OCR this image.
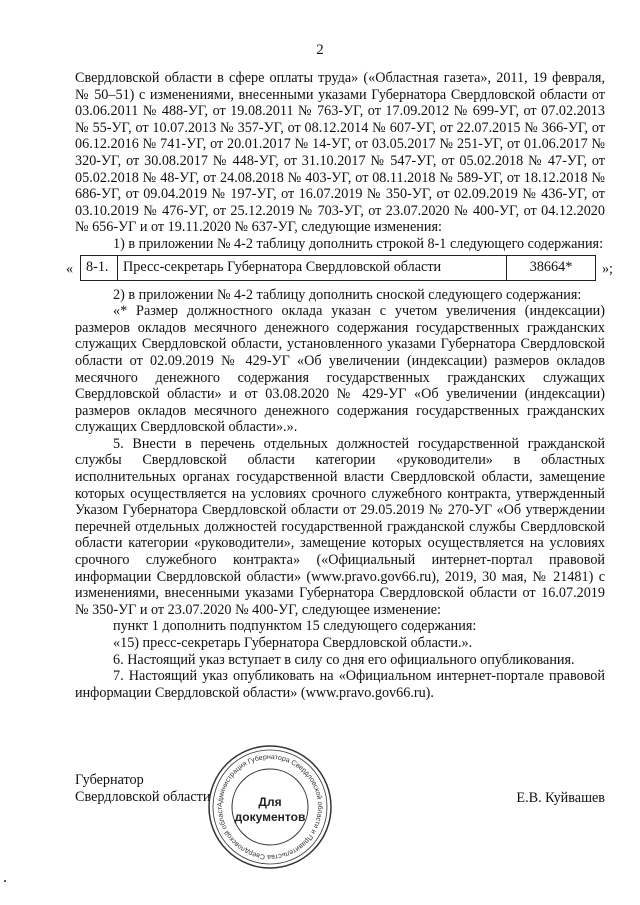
2

Свердловской области в сфере оплаты труда» («Областная газета», 2011, 19 февраля, № 50–51) с изменениями, внесенными указами Губернатора Свердловской области от 03.06.2011 № 488-УГ, от 19.08.2011 № 763-УГ, от 17.09.2012 № 699-УГ, от 07.02.2013 № 55-УГ, от 10.07.2013 № 357-УГ, от 08.12.2014 № 607-УГ, от 22.07.2015 № 366-УГ, от 06.12.2016 № 741-УГ, от 20.01.2017 № 14-УГ, от 03.05.2017 № 251-УГ, от 01.06.2017 № 320-УГ, от 30.08.2017 № 448-УГ, от 31.10.2017 № 547-УГ, от 05.02.2018 № 47-УГ, от 05.02.2018 № 48-УГ, от 24.08.2018 № 403-УГ, от 08.11.2018 № 589-УГ, от 18.12.2018 № 686-УГ, от 09.04.2019 № 197-УГ, от 16.07.2019 № 350-УГ, от 02.09.2019 № 436-УГ, от 03.10.2019 № 476-УГ, от 25.12.2019 № 703-УГ, от 23.07.2020 № 400-УГ, от 04.12.2020 № 656-УГ и от 19.11.2020 № 637-УГ, следующие изменения:

1) в приложении № 4-2 таблицу дополнить строкой 8-1 следующего содержания:

« 8-1.	Пресс-секретарь Губернатора Свердловской области	38664* »;

2) в приложении № 4-2 таблицу дополнить сноской следующего содержания:

«* Размер должностного оклада указан с учетом увеличения (индексации) размеров окладов месячного денежного содержания государственных гражданских служащих Свердловской области, установленного указами Губернатора Свердловской области от 02.09.2019 № 429-УГ «Об увеличении (индексации) размеров окладов месячного денежного содержания государственных гражданских служащих Свердловской области» и от 03.08.2020 № 429-УГ «Об увеличении (индексации) размеров окладов месячного денежного содержания государственных гражданских служащих Свердловской области».».

5. Внести в перечень отдельных должностей государственной гражданской службы Свердловской области категории «руководители» в областных исполнительных органах государственной власти Свердловской области, замещение которых осуществляется на условиях срочного служебного контракта, утвержденный Указом Губернатора Свердловской области от 29.05.2019 № 270-УГ «Об утверждении перечней отдельных должностей государственной гражданской службы Свердловской области категории «руководители», замещение которых осуществляется на условиях срочного служебного контракта» («Официальный интернет-портал правовой информации Свердловской области» (www.pravo.gov66.ru), 2019, 30 мая, № 21481) с изменениями, внесенными указами Губернатора Свердловской области от 16.07.2019 № 350-УГ и от 23.07.2020 № 400-УГ, следующее изменение:

пункт 1 дополнить подпунктом 15 следующего содержания:

«15) пресс-секретарь Губернатора Свердловской области.».

6. Настоящий указ вступает в силу со дня его официального опубликования.

7. Настоящий указ опубликовать на «Официальном интернет-портале правовой информации Свердловской области» (www.pravo.gov66.ru).

Губернатор
Свердловской области	Е.В. Куйвашев
Администрация Губернатора Свердловской области и Правительства Свердловской област	Для
документов
